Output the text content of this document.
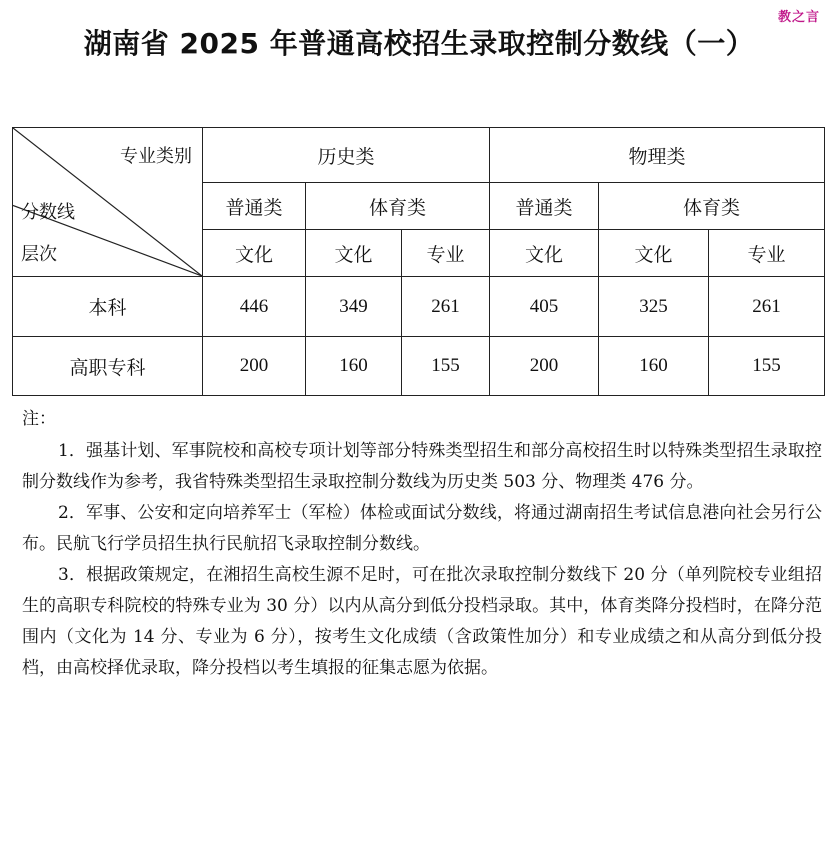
教之言
湖南省 2025 年普通高校招生录取控制分数线（一）
专业类别
分数线
层次	历史类			物理类		
	普通类	体育类		普通类	体育类	
	文化	文化	专业	文化	文化	专业
本科	446	349	261	405	325	261
高职专科	200	160	155	200	160	155

注：

1．强基计划、军事院校和高校专项计划等部分特殊类型招生和部分高校招生时以特殊类型招生录取控制分数线作为参考，我省特殊类型招生录取控制分数线为历史类 503 分、物理类 476 分。

2．军事、公安和定向培养军士（军检）体检或面试分数线，将通过湖南招生考试信息港向社会另行公布。民航飞行学员招生执行民航招飞录取控制分数线。

3．根据政策规定，在湘招生高校生源不足时，可在批次录取控制分数线下 20 分（单列院校专业组招生的高职专科院校的特殊专业为 30 分）以内从高分到低分投档录取。其中，体育类降分投档时，在降分范围内（文化为 14 分、专业为 6 分），按考生文化成绩（含政策性加分）和专业成绩之和从高分到低分投档，由高校择优录取，降分投档以考生填报的征集志愿为依据。
